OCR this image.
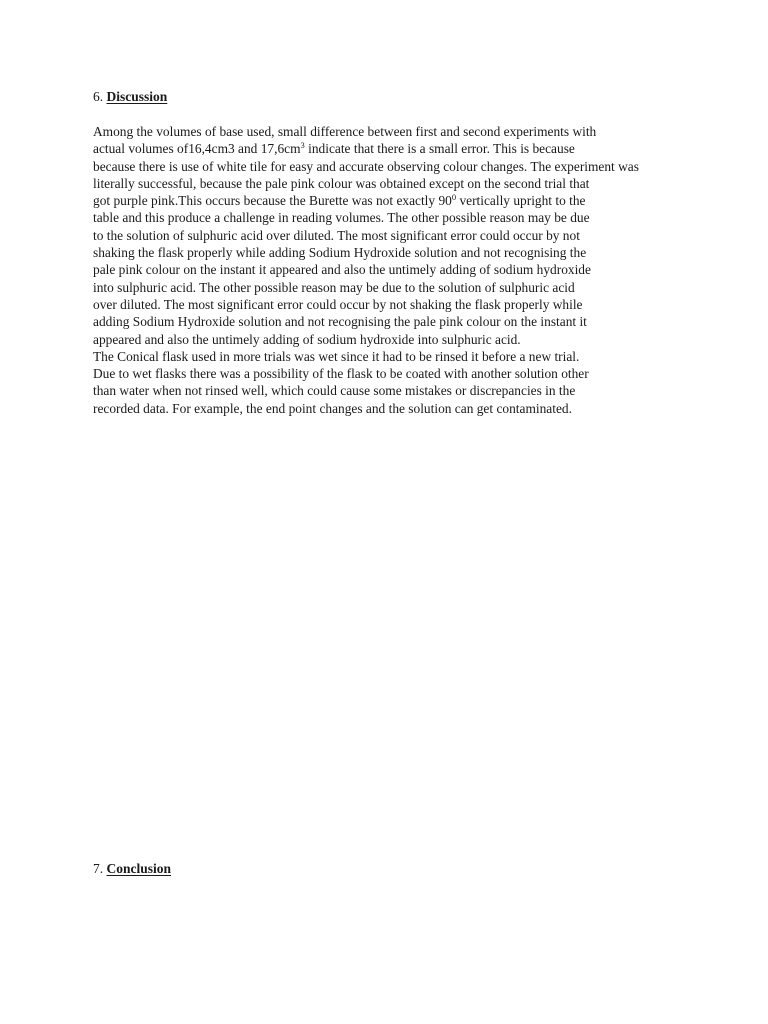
6. Discussion
Among the volumes of base used, small difference between first and second experiments with
actual volumes of16,4cm3 and $17,6cm^3$ indicate that there is a small error. This is because
because there is use of white tile for easy and accurate observing colour changes. The experiment was
literally successful, because the pale pink colour was obtained except on the second trial that
got purple pink.This occurs because the Burette was not exactly $90^0$ vertically upright to the
table and this produce a challenge in reading volumes. The other possible reason may be due
to the solution of sulphuric acid over diluted. The most significant error could occur by not
shaking the flask properly while adding Sodium Hydroxide solution and not recognising the
pale pink colour on the instant it appeared and also the untimely adding of sodium hydroxide
into sulphuric acid. The other possible reason may be due to the solution of sulphuric acid
over diluted. The most significant error could occur by not shaking the flask properly while
adding Sodium Hydroxide solution and not recognising the pale pink colour on the instant it
appeared and also the untimely adding of sodium hydroxide into sulphuric acid.
The Conical flask used in more trials was wet since it had to be rinsed it before a new trial.
Due to wet flasks there was a possibility of the flask to be coated with another solution other
than water when not rinsed well, which could cause some mistakes or discrepancies in the
recorded data. For example, the end point changes and the solution can get contaminated.
7. Conclusion
